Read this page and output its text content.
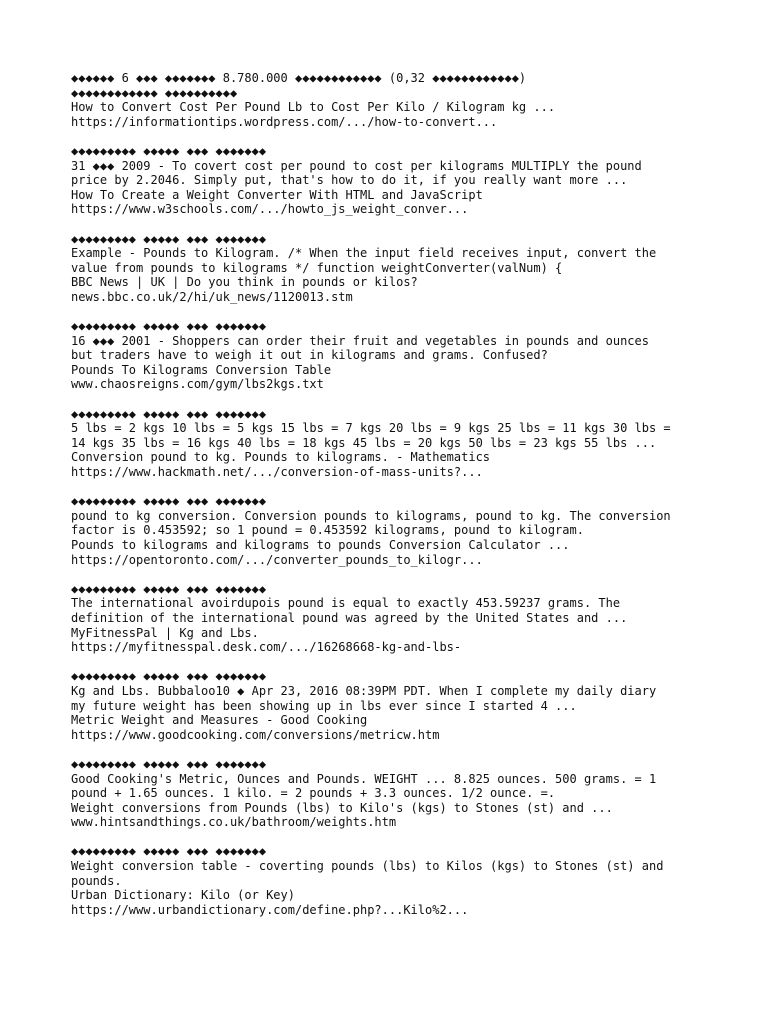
◆◆◆◆◆◆ 6 ◆◆◆ ◆◆◆◆◆◆◆ 8.780.000 ◆◆◆◆◆◆◆◆◆◆◆◆ (0,32 ◆◆◆◆◆◆◆◆◆◆◆◆)
◆◆◆◆◆◆◆◆◆◆◆◆ ◆◆◆◆◆◆◆◆◆◆
How to Convert Cost Per Pound Lb to Cost Per Kilo / Kilogram kg ...
https://informationtips.wordpress.com/.../how-to-convert...
◆◆◆◆◆◆◆◆◆ ◆◆◆◆◆ ◆◆◆ ◆◆◆◆◆◆◆
31 ◆◆◆ 2009 - To covert cost per pound to cost per kilograms MULTIPLY the pound
price by 2.2046. Simply put, that's how to do it, if you really want more ...
How To Create a Weight Converter With HTML and JavaScript
https://www.w3schools.com/.../howto_js_weight_conver...
◆◆◆◆◆◆◆◆◆ ◆◆◆◆◆ ◆◆◆ ◆◆◆◆◆◆◆
Example - Pounds to Kilogram. /* When the input field receives input, convert the
value from pounds to kilograms */ function weightConverter(valNum) {
BBC News | UK | Do you think in pounds or kilos?
news.bbc.co.uk/2/hi/uk_news/1120013.stm
◆◆◆◆◆◆◆◆◆ ◆◆◆◆◆ ◆◆◆ ◆◆◆◆◆◆◆
16 ◆◆◆ 2001 - Shoppers can order their fruit and vegetables in pounds and ounces
but traders have to weigh it out in kilograms and grams. Confused?
Pounds To Kilograms Conversion Table
www.chaosreigns.com/gym/lbs2kgs.txt
◆◆◆◆◆◆◆◆◆ ◆◆◆◆◆ ◆◆◆ ◆◆◆◆◆◆◆
5 lbs = 2 kgs 10 lbs = 5 kgs 15 lbs = 7 kgs 20 lbs = 9 kgs 25 lbs = 11 kgs 30 lbs =
14 kgs 35 lbs = 16 kgs 40 lbs = 18 kgs 45 lbs = 20 kgs 50 lbs = 23 kgs 55 lbs ...
Conversion pound to kg. Pounds to kilograms. - Mathematics
https://www.hackmath.net/.../conversion-of-mass-units?...
◆◆◆◆◆◆◆◆◆ ◆◆◆◆◆ ◆◆◆ ◆◆◆◆◆◆◆
pound to kg conversion. Conversion pounds to kilograms, pound to kg. The conversion
factor is 0.453592; so 1 pound = 0.453592 kilograms, pound to kilogram.
Pounds to kilograms and kilograms to pounds Conversion Calculator ...
https://opentoronto.com/.../converter_pounds_to_kilogr...
◆◆◆◆◆◆◆◆◆ ◆◆◆◆◆ ◆◆◆ ◆◆◆◆◆◆◆
The international avoirdupois pound is equal to exactly 453.59237 grams. The
definition of the international pound was agreed by the United States and ...
MyFitnessPal | Kg and Lbs.
https://myfitnesspal.desk.com/.../16268668-kg-and-lbs-
◆◆◆◆◆◆◆◆◆ ◆◆◆◆◆ ◆◆◆ ◆◆◆◆◆◆◆
Kg and Lbs. Bubbaloo10 ◆ Apr 23, 2016 08:39PM PDT. When I complete my daily diary
my future weight has been showing up in lbs ever since I started 4 ...
Metric Weight and Measures - Good Cooking
https://www.goodcooking.com/conversions/metricw.htm
◆◆◆◆◆◆◆◆◆ ◆◆◆◆◆ ◆◆◆ ◆◆◆◆◆◆◆
Good Cooking's Metric, Ounces and Pounds. WEIGHT ... 8.825 ounces. 500 grams. = 1
pound + 1.65 ounces. 1 kilo. = 2 pounds + 3.3 ounces. 1/2 ounce. =.
Weight conversions from Pounds (lbs) to Kilo's (kgs) to Stones (st) and ...
www.hintsandthings.co.uk/bathroom/weights.htm
◆◆◆◆◆◆◆◆◆ ◆◆◆◆◆ ◆◆◆ ◆◆◆◆◆◆◆
Weight conversion table - coverting pounds (lbs) to Kilos (kgs) to Stones (st) and
pounds.
Urban Dictionary: Kilo (or Key)
https://www.urbandictionary.com/define.php?...Kilo%2...
